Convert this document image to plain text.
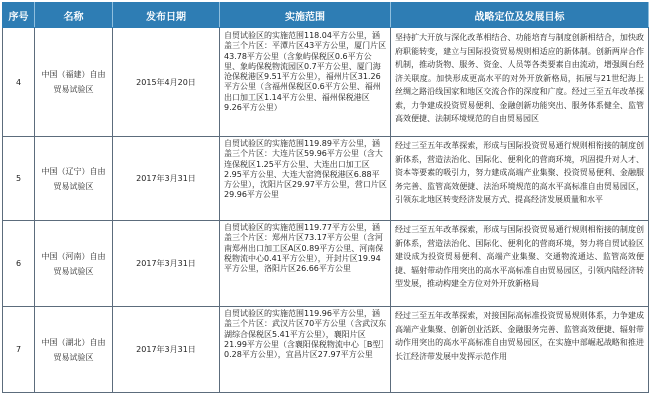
序号	名称	发布日期	实施范围	战略定位及发展目标
4	中国（福建）自由贸易试验区	2015年4月20日	自贸试验区的实施范围118.04平方公里，涵盖三个片区：平潭片区43平方公里，厦门片区43.78平方公里（含象屿保税区0.6平方公里、象屿保税物流园区0.7平方公里、厦门海沧保税港区9.51平方公里），福州片区31.26平方公里（含福州保税区0.6平方公里、福州出口加工区1.14平方公里、福州保税港区9.26平方公里）	坚持扩大开放与深化改革相结合、功能培育与制度创新相结合，加快政府职能转变，建立与国际投资贸易规则相适应的新体制。创新两岸合作机制，推动货物、服务、资金、人员等各类要素自由流动，增强闽台经济关联度。加快形成更高水平的对外开放新格局，拓展与21世纪海上丝绸之路沿线国家和地区交流合作的深度和广度。经过三至五年改革探索，力争建成投资贸易便利、金融创新功能突出、服务体系健全、监管高效便捷、法制环境规范的自由贸易园区
5	中国（辽宁）自由贸易试验区	2017年3月31日	自贸试验区的实施范围119.89平方公里，涵盖三个片区：大连片区59.96平方公里（含大连保税区1.25平方公里、大连出口加工区2.95平方公里、大连大窑湾保税港区6.88平方公里），沈阳片区29.97平方公里，营口片区29.96平方公里	经过三至五年改革探索，形成与国际投资贸易通行规则相衔接的制度创新体系，营造法治化、国际化、便利化的营商环境，巩固提升对人才、资本等要素的吸引力，努力建成高端产业集聚、投资贸易便利、金融服务完善、监管高效便捷、法治环境规范的高水平高标准自由贸易园区，引领东北地区转变经济发展方式、提高经济发展质量和水平
6	中国（河南）自由贸易试验区	2017年3月31日	自贸试验区的实施范围119.77平方公里，涵盖三个片区：郑州片区73.17平方公里（含河南郑州出口加工区A区0.89平方公里、河南保税物流中心0.41平方公里），开封片区19.94平方公里，洛阳片区26.66平方公里	经过三至五年改革探索，形成与国际投资贸易通行规则相衔接的制度创新体系，营造法治化、国际化、便利化的营商环境，努力将自贸试验区建设成为投资贸易便利、高端产业集聚、交通物流通达、监管高效便捷、辐射带动作用突出的高水平高标准自由贸易园区，引领内陆经济转型发展，推动构建全方位对外开放新格局
7	中国（湖北）自由贸易试验区	2017年3月31日	自贸试验区的实施范围119.96平方公里，涵盖三个片区：武汉片区70平方公里（含武汉东湖综合保税区5.41平方公里），襄阳片区21.99平方公里（含襄阳保税物流中心［B型］0.28平方公里），宜昌片区27.97平方公里	经过三至五年改革探索，对接国际高标准投资贸易规则体系，力争建成高端产业集聚、创新创业活跃、金融服务完善、监管高效便捷、辐射带动作用突出的高水平高标准自由贸易园区，在实施中部崛起战略和推进长江经济带发展中发挥示范作用
